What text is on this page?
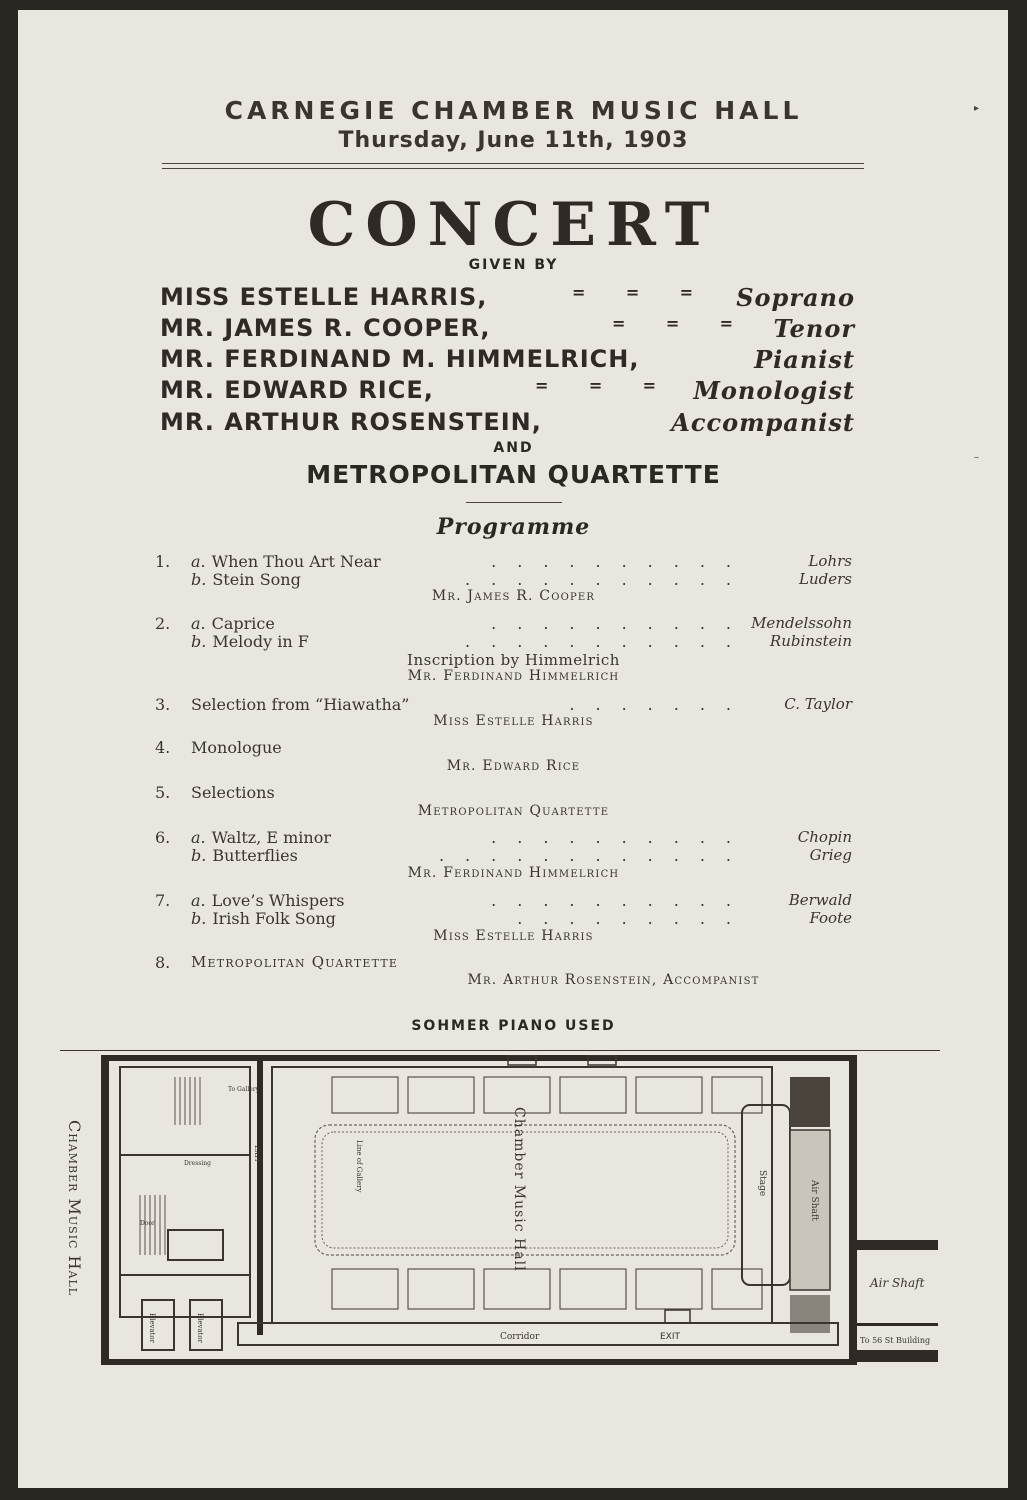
CARNEGIE CHAMBER MUSIC HALL
Thursday, June 11th, 1903
CONCERT
GIVEN BY
MISS ESTELLE HARRIS,	=      =      = Soprano
MR. JAMES R. COOPER,	=      =      = Tenor
MR. FERDINAND M. HIMMELRICH,	Pianist
MR. EDWARD RICE,	=      =      = Monologist
MR. ARTHUR ROSENSTEIN,	Accompanist
AND
METROPOLITAN QUARTETTE
Programme
1. a. When Thou Art Near	..........	Lohrs
b. Stein Song	...........	Luders
Mr. James R. Cooper
2. a. Caprice	.......... Mendelssohn
b. Melody in F	........... Rubinstein
Inscription by Himmelrich
Mr. Ferdinand Himmelrich
3. Selection from “Hiawatha”	....... C. Taylor
Miss Estelle Harris
4. Monologue
Mr. Edward Rice
5. Selections
Metropolitan Quartette
6. a. Waltz, E minor	..........	Chopin
b. Butterflies	............	Grieg
Mr. Ferdinand Himmelrich
7. a. Love’s Whispers	.......... Berwald
b. Irish Folk Song	.........	Foote
Miss Estelle Harris
8. Metropolitan Quartette
Mr. Arthur Rosenstein, Accompanist
SOHMER PIANO USED
Chamber Music Hall
▸
–
Elevator	Elevator
To Gallery
Dressing
Door
EXIT	Line of Gallery	Chamber Music Hall	Stage	Air Shaft
Corridor	EXIT
Air Shaft
To 56 St Building
